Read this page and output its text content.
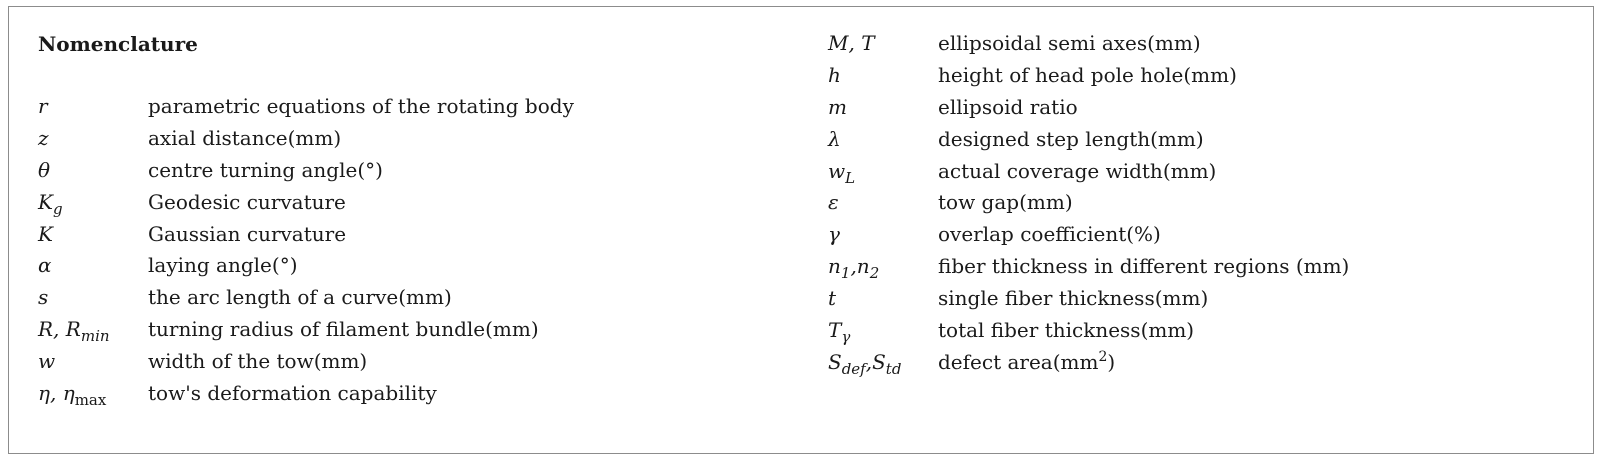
Nomenclature
r	parametric equations of the rotating body
z	axial distance(mm)
θ	centre turning angle(°)
$K_g$	Geodesic curvature
K	Gaussian curvature
α	laying angle(°)
s	the arc length of a curve(mm)
R, $R_{min}$	turning radius of filament bundle(mm)
w	width of the tow(mm)
η, $\eta_{max}$	tow's deformation capability
M, T	ellipsoidal semi axes(mm)
h	height of head pole hole(mm)
m	ellipsoid ratio
λ	designed step length(mm)
$w_L$	actual coverage width(mm)
ε	tow gap(mm)
γ	overlap coefficient(%)
$n_1,n_2$	fiber thickness in different regions (mm)
t	single fiber thickness(mm)
$T_\gamma$	total fiber thickness(mm)
$S_{def},S_{td}$	defect $area(mm^2)$
